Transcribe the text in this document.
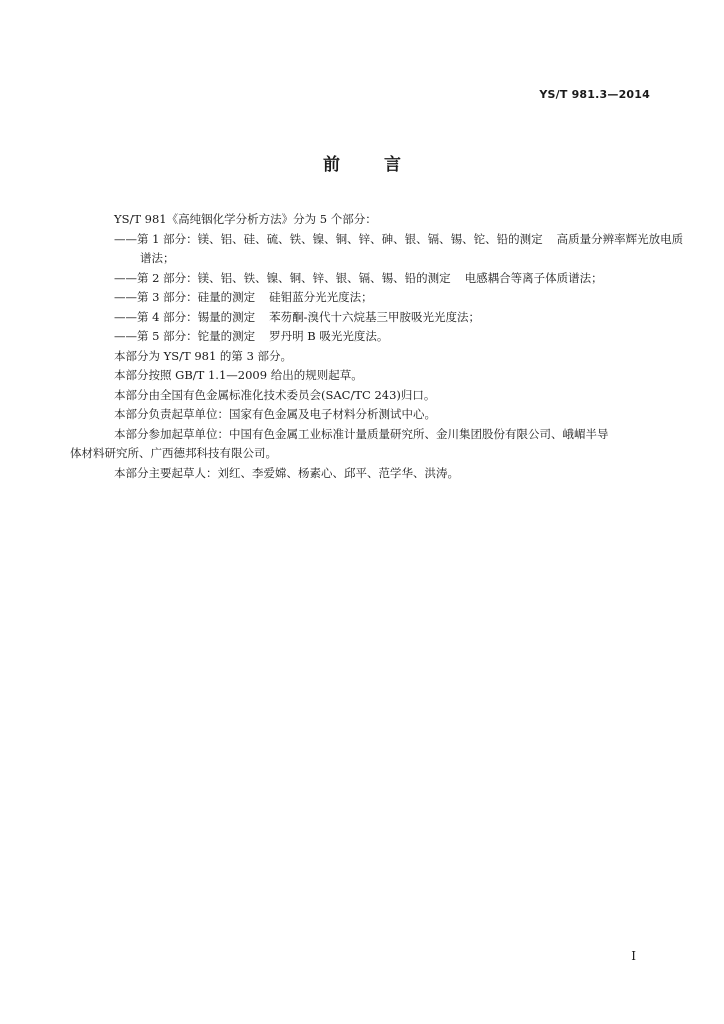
YS/T 981.3—2014
前言
YS/T 981《高纯铟化学分析方法》分为 5 个部分：
——第 1 部分：镁、铝、硅、硫、铁、镍、铜、锌、砷、银、镉、锡、铊、铅的测定 高质量分辨率辉光放电质
谱法；
——第 2 部分：镁、铝、铁、镍、铜、锌、银、镉、锡、铅的测定 电感耦合等离子体质谱法；
——第 3 部分：硅量的测定 硅钼蓝分光光度法；
——第 4 部分：锡量的测定 苯芴酮-溴代十六烷基三甲胺吸光光度法；
——第 5 部分：铊量的测定 罗丹明 B 吸光光度法。
本部分为 YS/T 981 的第 3 部分。
本部分按照 GB/T 1.1—2009 给出的规则起草。
本部分由全国有色金属标准化技术委员会(SAC/TC 243)归口。
本部分负责起草单位：国家有色金属及电子材料分析测试中心。
本部分参加起草单位：中国有色金属工业标准计量质量研究所、金川集团股份有限公司、峨嵋半导
体材料研究所、广西德邦科技有限公司。
本部分主要起草人：刘红、李爱嫦、杨素心、邱平、范学华、洪涛。
I
